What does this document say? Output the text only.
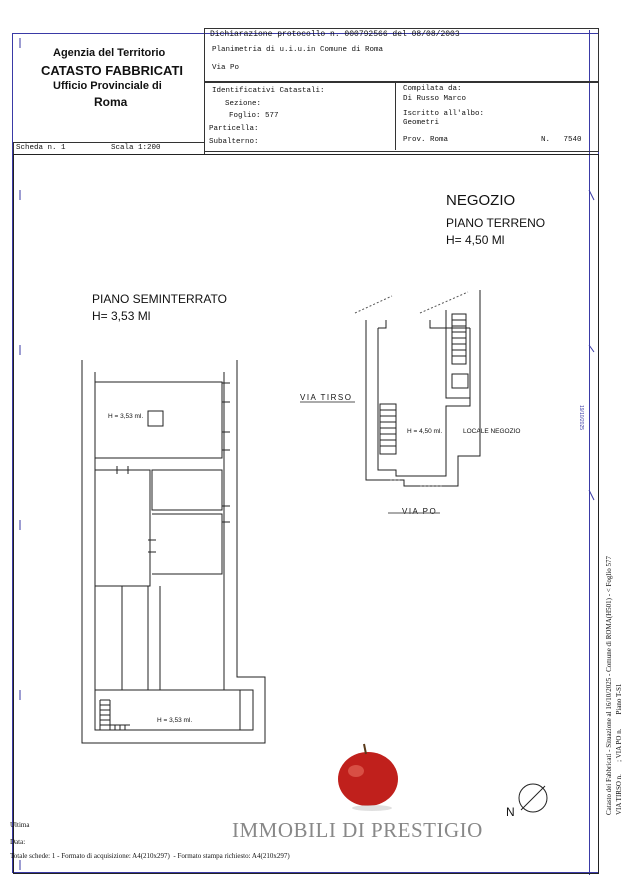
Agenzia del Territorio
CATASTO FABBRICATI
Ufficio Provinciale di
Roma
Dichiarazione protocollo n. 000792566 del 08/08/2003
Planimetria di u.i.u.in Comune di Roma
Via Po
Identificativi Catastali:
Sezione:
Foglio: 577
Particella:
Subalterno:
Compilata da:
Di Russo Marco
Iscritto all'albo:
Geometri
Prov. Roma	N.   7540
Scheda n. 1	Scala 1:200
NEGOZIO
PIANO TERRENO
H= 4,50 Ml
PIANO SEMINTERRATO
H= 3,53 Ml
VIA TIRSO
VIA PO
H = 3,53 ml.
H = 3,53 ml.
H = 4,50 ml.	LOCALE NEGOZIO
19/10/2025
N
IMMOBILI DI PRESTIGIO
Catasto dei Fabbricati - Situazione al 16/10/2025 - Comune di ROMA(H501) - < Foglio 577 VIA TIRSO n.       ; VIA PO n.        Piano T-S1
Ultima
Data:
Totale schede: 1 - Formato di acquisizione: A4(210x297)  - Formato stampa richiesto: A4(210x297)
